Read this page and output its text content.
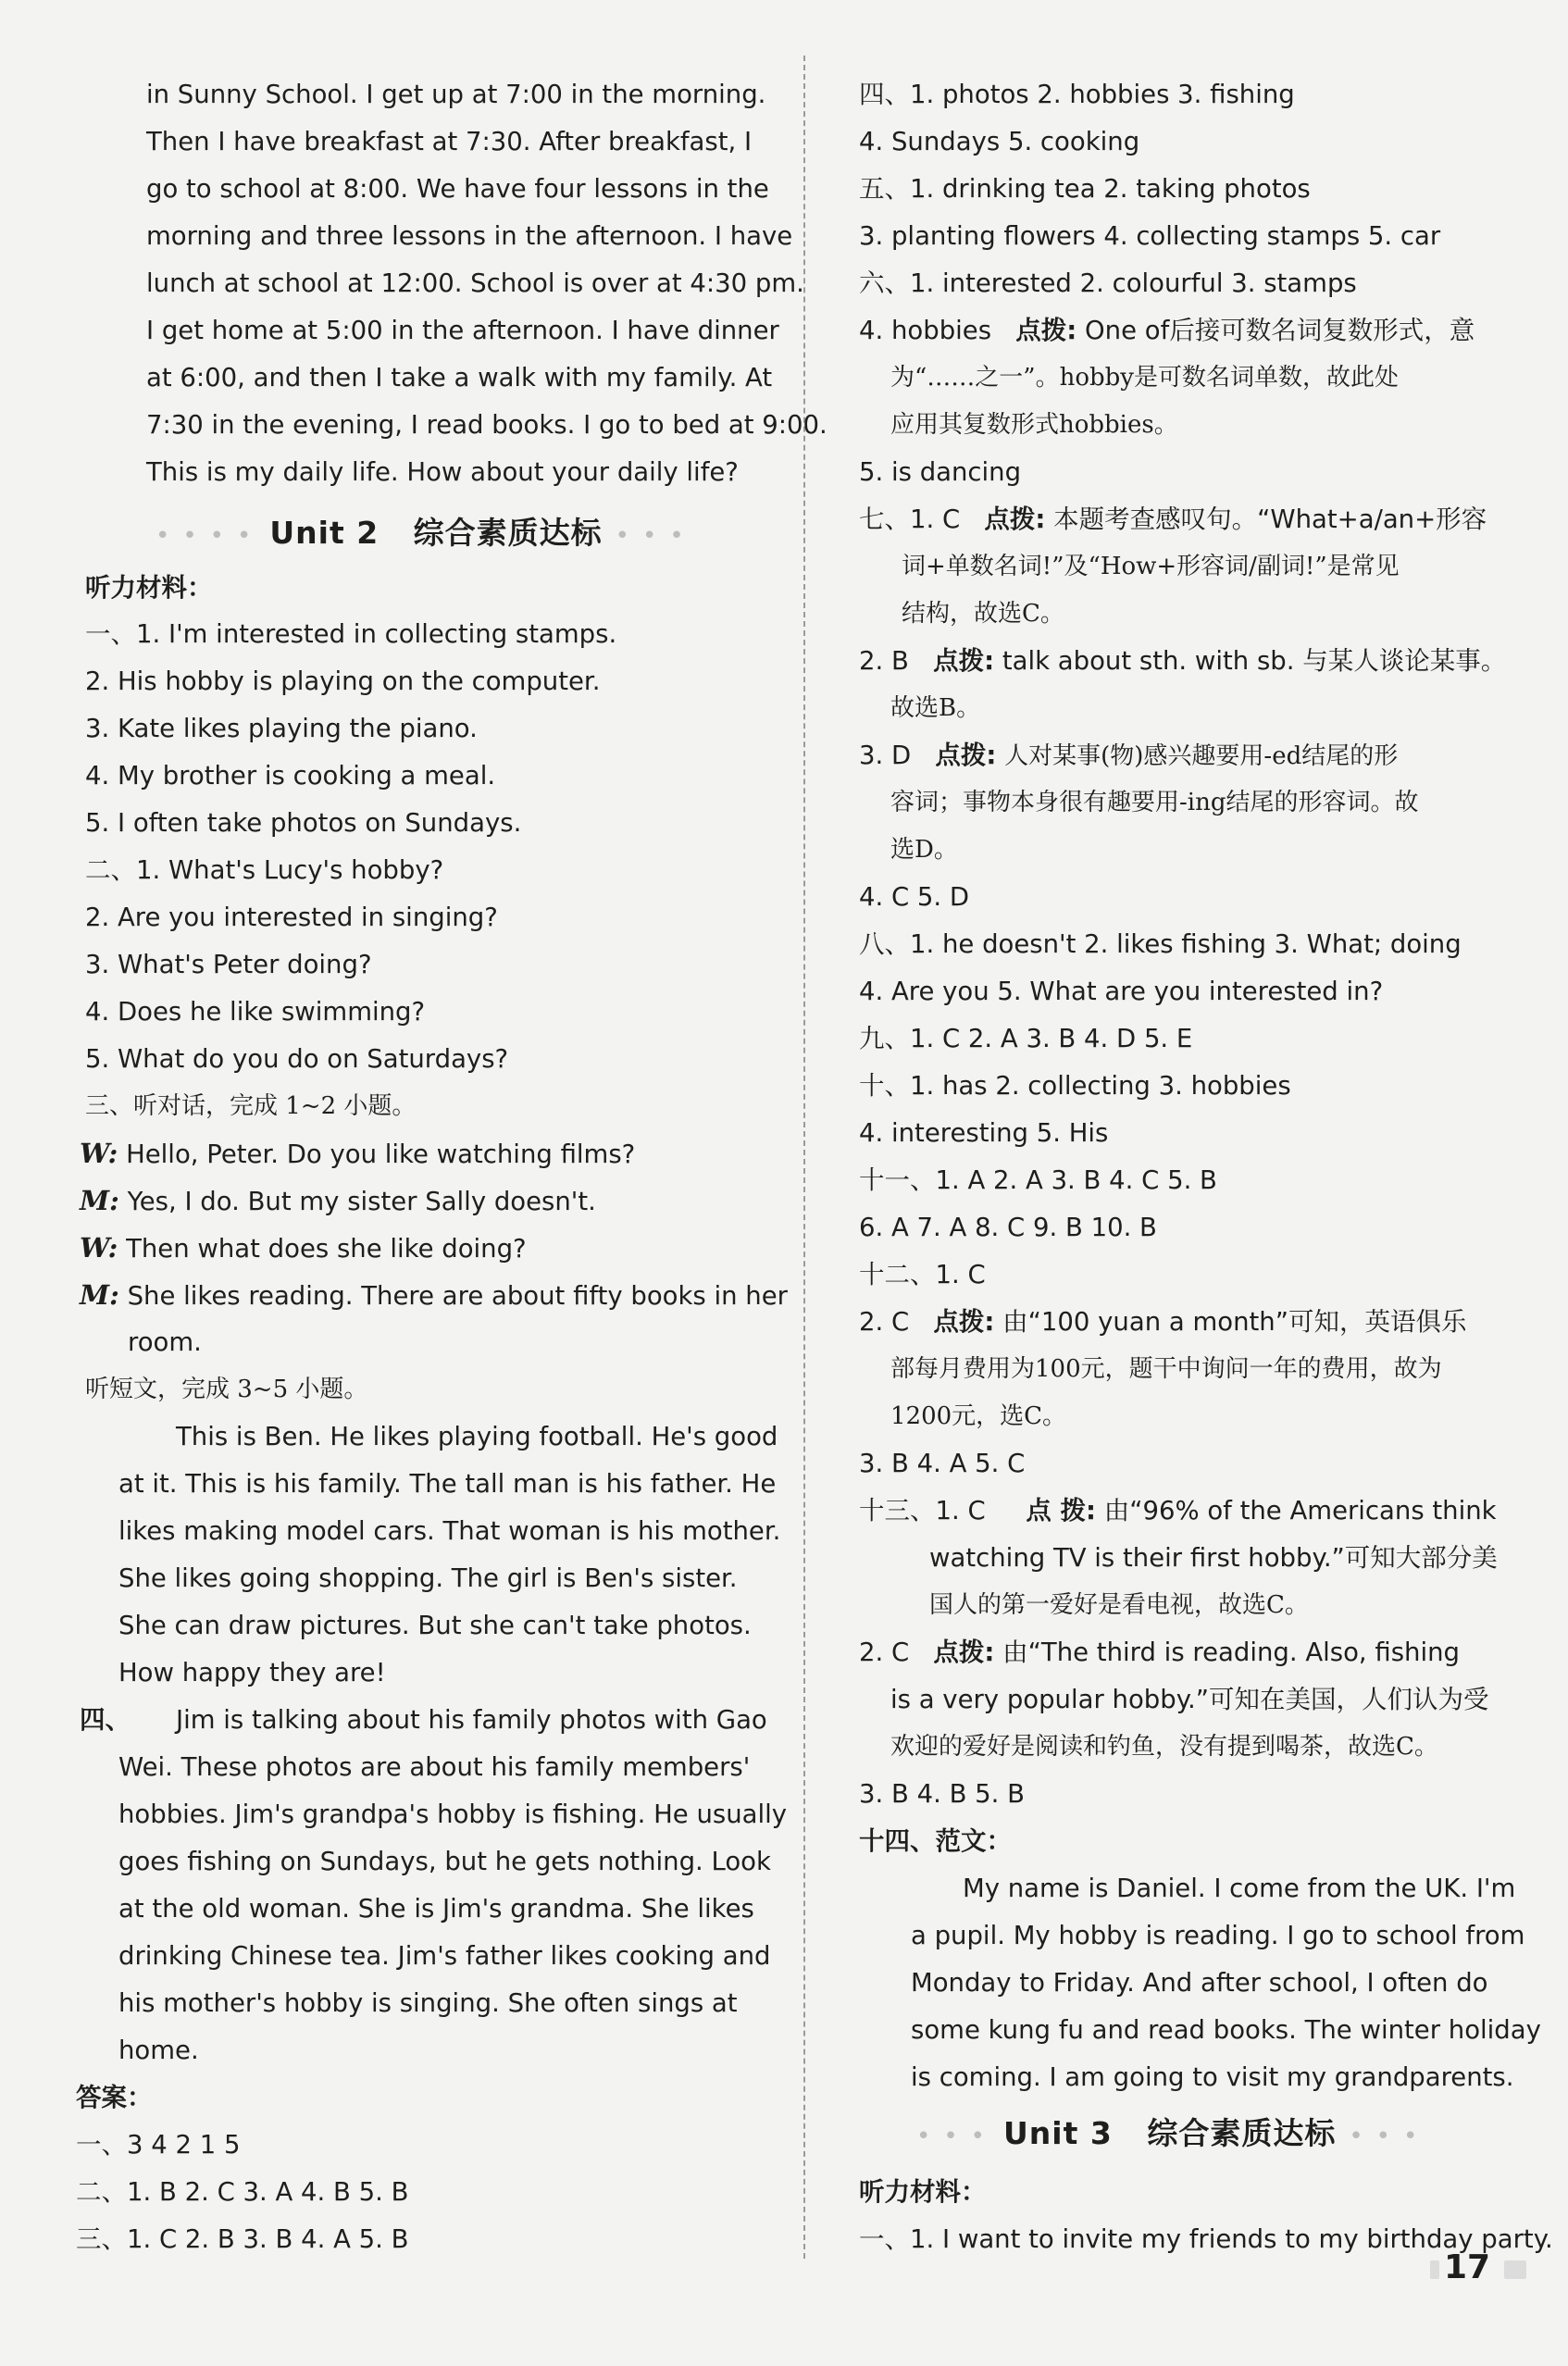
in Sunny School. I get up at 7:00 in the morning.
Then I have breakfast at 7:30. After breakfast, I
go to school at 8:00. We have four lessons in the
morning and three lessons in the afternoon. I have
lunch at school at 12:00. School is over at 4:30 pm.
I get home at 5:00 in the afternoon. I have dinner
at 6:00, and then I take a walk with my family. At
7:30 in the evening, I read books. I go to bed at 9:00.
This is my daily life. How about your daily life?
•••• Unit 2 综合素质达标 •••
听力材料：
一、1. I'm interested in collecting stamps.
2. His hobby is playing on the computer.
3. Kate likes playing the piano.
4. My brother is cooking a meal.
5. I often take photos on Sundays.
二、1. What's Lucy's hobby?
2. Are you interested in singing?
3. What's Peter doing?
4. Does he like swimming?
5. What do you do on Saturdays?
三、听对话，完成 1~2 小题。
W: Hello, Peter. Do you like watching films?
M: Yes, I do. But my sister Sally doesn't.
W: Then what does she like doing?
M: She likes reading. There are about fifty books in her
room.
听短文，完成 3~5 小题。
This is Ben. He likes playing football. He's good
at it. This is his family. The tall man is his father. He
likes making model cars. That woman is his mother.
She likes going shopping. The girl is Ben's sister.
She can draw pictures. But she can't take photos.
How happy they are!
四、 Jim is talking about his family photos with Gao
Wei. These photos are about his family members'
hobbies. Jim's grandpa's hobby is fishing. He usually
goes fishing on Sundays, but he gets nothing. Look
at the old woman. She is Jim's grandma. She likes
drinking Chinese tea. Jim's father likes cooking and
his mother's hobby is singing. She often sings at
home.
答案：
一、3 4 2 1 5
二、1. B 2. C 3. A 4. B 5. B
三、1. C 2. B 3. B 4. A 5. B
四、1. photos 2. hobbies 3. fishing
4. Sundays 5. cooking
五、1. drinking tea 2. taking photos
3. planting flowers 4. collecting stamps 5. car
六、1. interested 2. colourful 3. stamps
4. hobbies 点拨: One of后接可数名词复数形式，意
为“……之一”。hobby是可数名词单数，故此处
应用其复数形式hobbies。
5. is dancing
七、1. C 点拨: 本题考查感叹句。“What+a/an+形容
词+单数名词!”及“How+形容词/副词!”是常见
结构，故选C。
2. B 点拨: talk about sth. with sb. 与某人谈论某事。
故选B。
3. D 点拨: 人对某事(物)感兴趣要用-ed结尾的形
容词；事物本身很有趣要用-ing结尾的形容词。故
选D。
4. C 5. D
八、1. he doesn't 2. likes fishing 3. What; doing
4. Are you 5. What are you interested in?
九、1. C 2. A 3. B 4. D 5. E
十、1. has 2. collecting 3. hobbies
4. interesting 5. His
十一、1. A 2. A 3. B 4. C 5. B
6. A 7. A 8. C 9. B 10. B
十二、1. C
2. C 点拨: 由“100 yuan a month”可知，英语俱乐
部每月费用为100元，题干中询问一年的费用，故为
1200元，选C。
3. B 4. A 5. C
十三、1. C 点 拨: 由“96% of the Americans think
watching TV is their first hobby.”可知大部分美
国人的第一爱好是看电视，故选C。
2. C 点拨: 由“The third is reading. Also, fishing
is a very popular hobby.”可知在美国，人们认为受
欢迎的爱好是阅读和钓鱼，没有提到喝茶，故选C。
3. B 4. B 5. B
十四、范文：
My name is Daniel. I come from the UK. I'm
a pupil. My hobby is reading. I go to school from
Monday to Friday. And after school, I often do
some kung fu and read books. The winter holiday
is coming. I am going to visit my grandparents.
••• Unit 3 综合素质达标 •••
听力材料：
一、1. I want to invite my friends to my birthday party.
17
